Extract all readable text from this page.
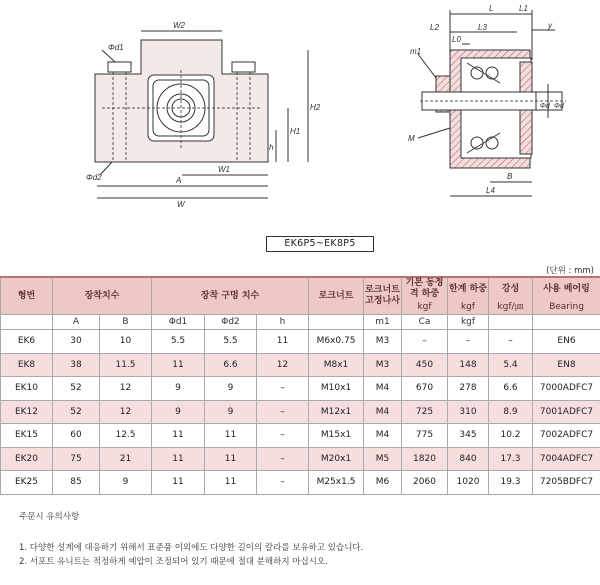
W2
Φd1
Φd2	A
W1
W
h
H1
H2
L	L1
L2	L3
L0
y
m1
M
B
L4
Φd Φd
EK6P5~EK8P5
(단위 : mm)
형번	장착치수		장착 구멍 치수			로크너트	로크너트 고정나사	기본 동정격 하중	한계 하중	강성	사용 베어링
								kgf	kgf	kgf/㎛	Bearing
	A	B	Φd1	Φd2	h		m1	Ca	kgf		
EK6	30	10	5.5	5.5	11	M6x0.75	M3	–	–	–	EN6
EK8	38	11.5	11	6.6	12	M8x1	M3	450	148	5.4	EN8
EK10	52	12	9	9	–	M10x1	M4	670	278	6.6	7000ADFC7
EK12	52	12	9	9	–	M12x1	M4	725	310	8.9	7001ADFC7
EK15	60	12.5	11	11	–	M15x1	M4	775	345	10.2	7002ADFC7
EK20	75	21	11	11	–	M20x1	M5	1820	840	17.3	7004ADFC7
EK25	85	9	11	11	–	M25x1.5	M6	2060	1020	19.3	7205BDFC7
주문시 유의사항
1. 다양한 설계에 대응하기 위해서 표준품 이외에도 다양한 길이의 칼라를 보유하고 있습니다.
2. 서포트 유니트는 적정하게 예압이 조정되어 있기 때문에 절대 분해하지 마십시오.
